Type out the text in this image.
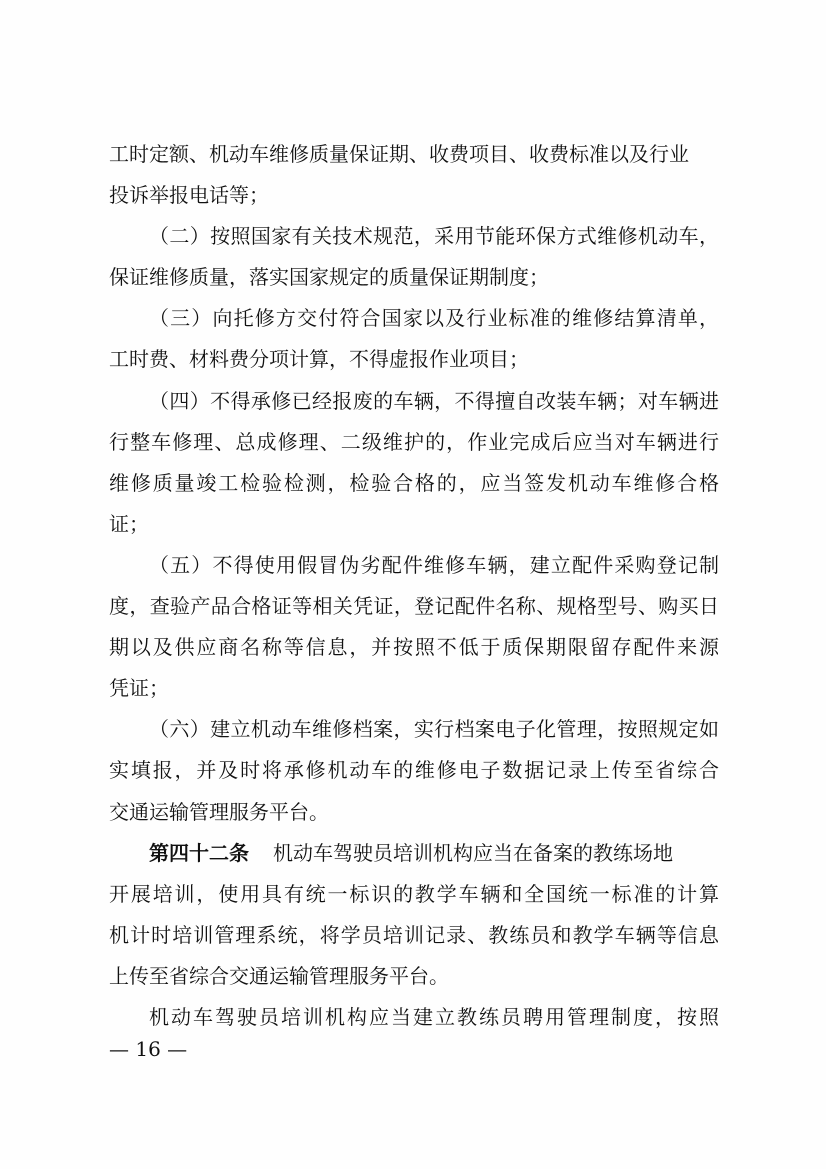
工时定额、机动车维修质量保证期、收费项目、收费标准以及行业
投诉举报电话等；
（二）按照国家有关技术规范，采用节能环保方式维修机动车，
保证维修质量，落实国家规定的质量保证期制度；
（三）向托修方交付符合国家以及行业标准的维修结算清单，
工时费、材料费分项计算，不得虚报作业项目；
（四）不得承修已经报废的车辆，不得擅自改装车辆；对车辆进
行整车修理、总成修理、二级维护的，作业完成后应当对车辆进行
维修质量竣工检验检测，检验合格的，应当签发机动车维修合格
证；
（五）不得使用假冒伪劣配件维修车辆，建立配件采购登记制
度，查验产品合格证等相关凭证，登记配件名称、规格型号、购买日
期以及供应商名称等信息，并按照不低于质保期限留存配件来源
凭证；
（六）建立机动车维修档案，实行档案电子化管理，按照规定如
实填报，并及时将承修机动车的维修电子数据记录上传至省综合
交通运输管理服务平台。
第四十二条 机动车驾驶员培训机构应当在备案的教练场地
开展培训，使用具有统一标识的教学车辆和全国统一标准的计算
机计时培训管理系统，将学员培训记录、教练员和教学车辆等信息
上传至省综合交通运输管理服务平台。
机动车驾驶员培训机构应当建立教练员聘用管理制度，按照
— 16 —
